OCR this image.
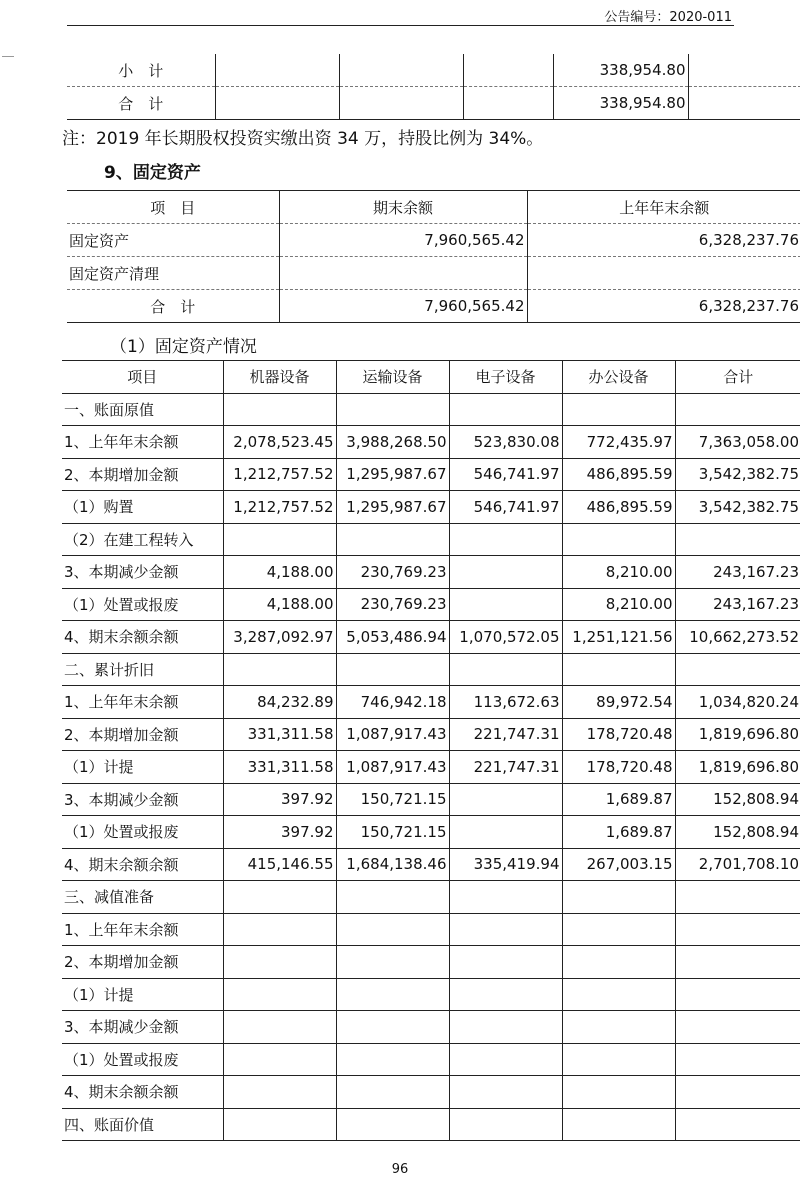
公告编号：2020-011
小　计				338,954.80	
合　计				338,954.80	
注：2019 年长期股权投资实缴出资 34 万，持股比例为 34%。
9、固定资产
项　目	期末余额	上年年末余额
固定资产	7,960,565.42	6,328,237.76
固定资产清理		
合　计	7,960,565.42	6,328,237.76
（1）固定资产情况
项目	机器设备	运输设备	电子设备	办公设备	合计
一、账面原值					
1、上年年末余额	2,078,523.45	3,988,268.50	523,830.08	772,435.97	7,363,058.00
2、本期增加金额	1,212,757.52	1,295,987.67	546,741.97	486,895.59	3,542,382.75
（1）购置	1,212,757.52	1,295,987.67	546,741.97	486,895.59	3,542,382.75
（2）在建工程转入					
3、本期减少金额	4,188.00	230,769.23		8,210.00	243,167.23
（1）处置或报废	4,188.00	230,769.23		8,210.00	243,167.23
4、期末余额余额	3,287,092.97	5,053,486.94	1,070,572.05	1,251,121.56	10,662,273.52
二、累计折旧					
1、上年年末余额	84,232.89	746,942.18	113,672.63	89,972.54	1,034,820.24
2、本期增加金额	331,311.58	1,087,917.43	221,747.31	178,720.48	1,819,696.80
（1）计提	331,311.58	1,087,917.43	221,747.31	178,720.48	1,819,696.80
3、本期减少金额	397.92	150,721.15		1,689.87	152,808.94
（1）处置或报废	397.92	150,721.15		1,689.87	152,808.94
4、期末余额余额	415,146.55	1,684,138.46	335,419.94	267,003.15	2,701,708.10
三、减值准备					
1、上年年末余额					
2、本期增加金额					
（1）计提					
3、本期减少金额					
（1）处置或报废					
4、期末余额余额					
四、账面价值					
96
